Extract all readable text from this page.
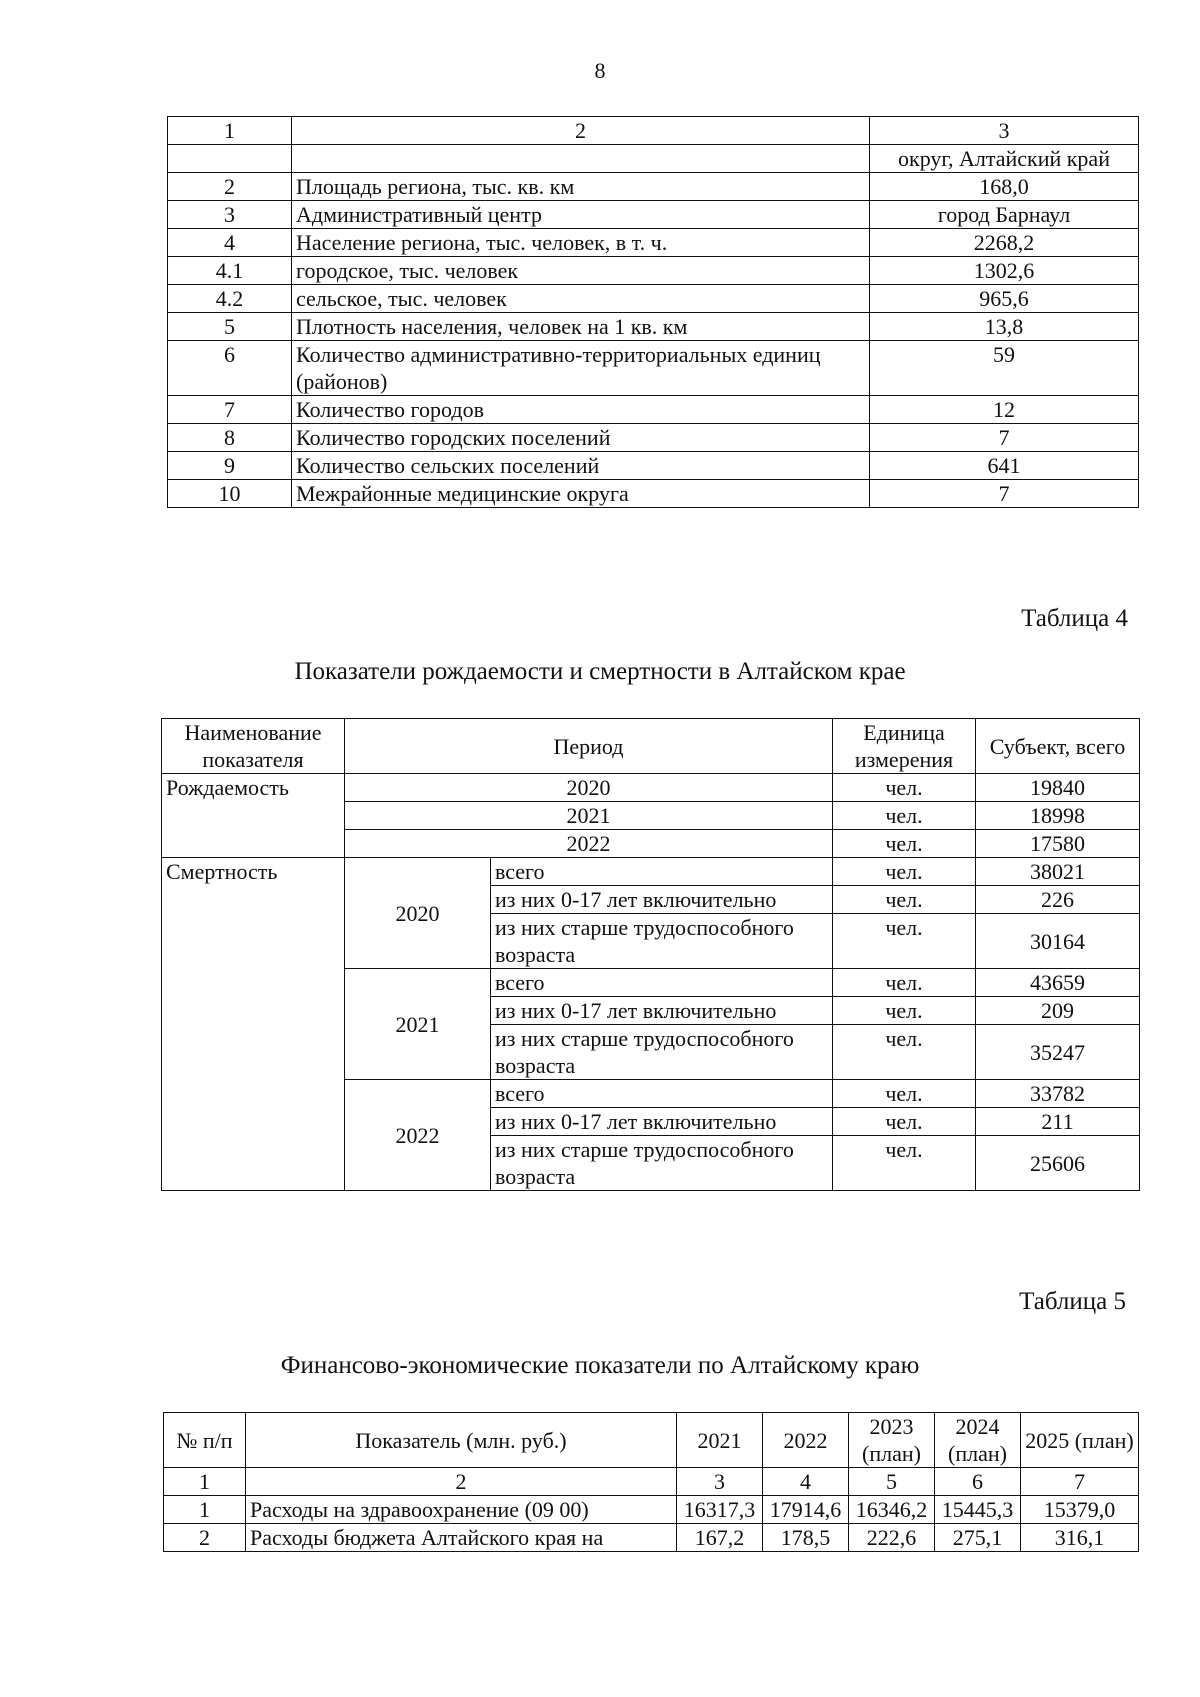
8
1	2	3
		округ, Алтайский край
2	Площадь региона, тыс. кв. км	168,0
3	Административный центр	город Барнаул
4	Население региона, тыс. человек, в т. ч.	2268,2
4.1	городское, тыс. человек	1302,6
4.2	сельское, тыс. человек	965,6
5	Плотность населения, человек на 1 кв. км	13,8
6	Количество административно-территориальных единиц (районов)	59
7	Количество городов	12
8	Количество городских поселений	7
9	Количество сельских поселений	641
10	Межрайонные медицинские округа	7
Таблица 4
Показатели рождаемости и смертности в Алтайском крае
Наименование показателя	Период		Единица измерения	Субъект, всего
Рождаемость	2020		чел.	19840
	2021		чел.	18998
	2022		чел.	17580
Смертность	2020	всего	чел.	38021
		из них 0-17 лет включительно	чел.	226
		из них старше трудоспособного возраста	чел.	30164
	2021	всего	чел.	43659
		из них 0-17 лет включительно	чел.	209
		из них старше трудоспособного возраста	чел.	35247
	2022	всего	чел.	33782
		из них 0-17 лет включительно	чел.	211
		из них старше трудоспособного возраста	чел.	25606
Таблица 5
Финансово-экономические показатели по Алтайскому краю
№ п/п	Показатель (млн. руб.)	2021	2022	2023 (план)	2024 (план)	2025 (план)
1	2	3	4	5	6	7
1	Расходы на здравоохранение (09 00)	16317,3	17914,6	16346,2	15445,3	15379,0
2	Расходы бюджета Алтайского края на	167,2	178,5	222,6	275,1	316,1
